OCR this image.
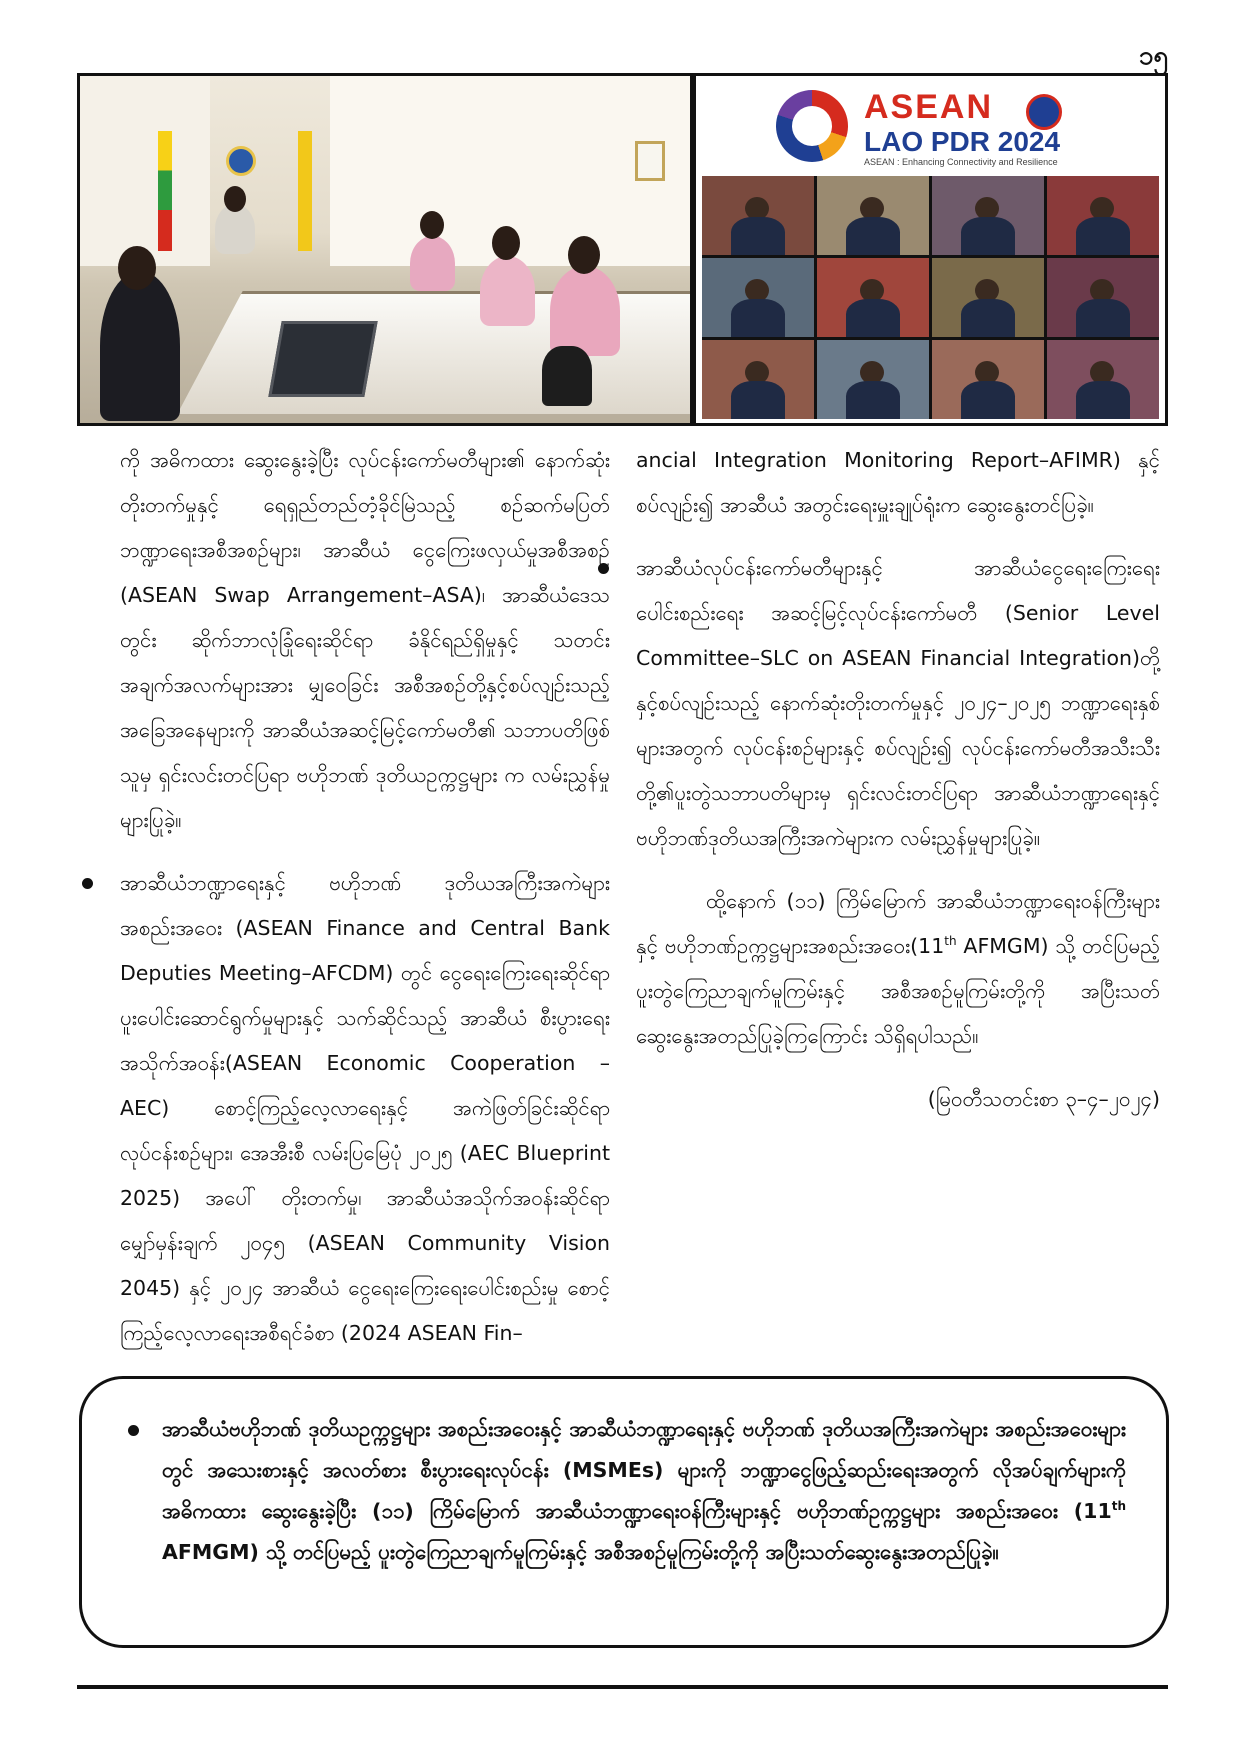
၁၅
ASEAN
LAO PDR 2024
ASEAN : Enhancing Connectivity and Resilience

ကို အဓိကထား ဆွေးနွေးခဲ့ပြီး လုပ်ငန်းကော်မတီများ၏ နောက်ဆုံးတိုးတက်မှုနှင့် ရေရှည်တည်တံ့ခိုင်မြဲသည့် စဉ်ဆက်မပြတ် ဘဏ္ဍာရေးအစီအစဉ်များ၊ အာဆီယံ ငွေကြေးဖလှယ်မှုအစီအစဉ် (ASEAN Swap Arrangement–ASA)၊ အာဆီယံဒေသတွင်း ဆိုက်ဘာလုံခြုံရေးဆိုင်ရာ ခံနိုင်ရည်ရှိမှုနှင့် သတင်းအချက်အလက်များအား မျှဝေခြင်း အစီအစဉ်တို့နှင့်စပ်လျဉ်းသည့်အခြေအနေများကို အာဆီယံအဆင့်မြင့်ကော်မတီ၏ သဘာပတိဖြစ်သူမှ ရှင်းလင်းတင်ပြရာ ဗဟိုဘဏ် ဒုတိယဥက္ကဋ္ဌများ က လမ်းညွှန်မှုများပြုခဲ့။

အာဆီယံဘဏ္ဍာရေးနှင့် ဗဟိုဘဏ် ဒုတိယအကြီးအကဲများ အစည်းအဝေး (ASEAN Finance and Central Bank Deputies Meeting–AFCDM) တွင် ငွေရေးကြေးရေးဆိုင်ရာ ပူးပေါင်းဆောင်ရွက်မှုများနှင့် သက်ဆိုင်သည့် အာဆီယံ စီးပွားရေးအသိုက်အဝန်း(ASEAN Economic Cooperation – AEC) စောင့်ကြည့်လေ့လာရေးနှင့် အကဲဖြတ်ခြင်းဆိုင်ရာ လုပ်ငန်းစဉ်များ၊ အေအီးစီ လမ်းပြမြေပုံ ၂၀၂၅ (AEC Blueprint 2025) အပေါ် တိုးတက်မှု၊ အာဆီယံအသိုက်အဝန်းဆိုင်ရာ မျှော်မှန်းချက် ၂၀၄၅ (ASEAN Community Vision 2045) နှင့် ၂၀၂၄ အာဆီယံ ငွေရေးကြေးရေးပေါင်းစည်းမှု စောင့်ကြည့်လေ့လာရေးအစီရင်ခံစာ (2024 ASEAN Fin–

ancial Integration Monitoring Report–AFIMR) နှင့် စပ်လျဉ်း၍ အာဆီယံ အတွင်းရေးမှူးချုပ်ရုံးက ဆွေးနွေးတင်ပြခဲ့။

အာဆီယံလုပ်ငန်းကော်မတီများနှင့် အာဆီယံငွေရေးကြေးရေး ပေါင်းစည်းရေး အဆင့်မြင့်လုပ်ငန်းကော်မတီ (Senior Level Committee–SLC on ASEAN Financial Integration)တို့နှင့်စပ်လျဉ်းသည့် နောက်ဆုံးတိုးတက်မှုနှင့် ၂၀၂၄–၂၀၂၅ ဘဏ္ဍာရေးနှစ်များအတွက် လုပ်ငန်းစဉ်များနှင့် စပ်လျဉ်း၍ လုပ်ငန်းကော်မတီအသီးသီးတို့၏ပူးတွဲသဘာပတိများမှ ရှင်းလင်းတင်ပြရာ အာဆီယံဘဏ္ဍာရေးနှင့် ဗဟိုဘဏ်ဒုတိယအကြီးအကဲများက လမ်းညွှန်မှုများပြုခဲ့။

ထို့နောက် (၁၁) ကြိမ်မြောက် အာဆီယံဘဏ္ဍာရေးဝန်ကြီးများနှင့် ဗဟိုဘဏ်ဥက္ကဋ္ဌများအစည်းအဝေး(11th AFMGM) သို့ တင်ပြမည့် ပူးတွဲကြေညာချက်မူကြမ်းနှင့် အစီအစဉ်မူကြမ်းတို့ကို အပြီးသတ်ဆွေးနွေးအတည်ပြုခဲ့ကြကြောင်း သိရှိရပါသည်။

(မြဝတီသတင်းစာ ၃–၄–၂၀၂၄)

အာဆီယံဗဟိုဘဏ် ဒုတိယဥက္ကဋ္ဌများ အစည်းအဝေးနှင့် အာဆီယံဘဏ္ဍာရေးနှင့် ဗဟိုဘဏ် ဒုတိယအကြီးအကဲများ အစည်းအဝေးများတွင် အသေးစားနှင့် အလတ်စား စီးပွားရေးလုပ်ငန်း (MSMEs) များကို ဘဏ္ဍာငွေဖြည့်ဆည်းရေးအတွက် လိုအပ်ချက်များကို အဓိကထား ဆွေးနွေးခဲ့ပြီး (၁၁) ကြိမ်မြောက် အာဆီယံဘဏ္ဍာရေးဝန်ကြီးများနှင့် ဗဟိုဘဏ်ဥက္ကဋ္ဌများ အစည်းအဝေး (11th AFMGM) သို့ တင်ပြမည့် ပူးတွဲကြေညာချက်မူကြမ်းနှင့် အစီအစဉ်မူကြမ်းတို့ကို အပြီးသတ်ဆွေးနွေးအတည်ပြုခဲ့။
